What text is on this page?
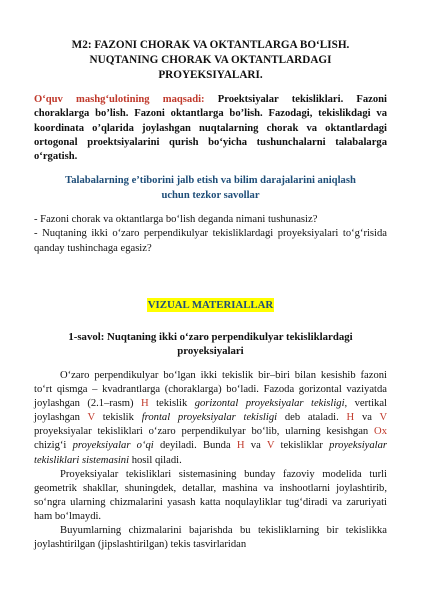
M2: FAZONI CHORAK VA OKTANTLARGA BO‘LISH.
NUQTANING CHORAK VA OKTANTLARDAGI
PROYEKSIYALARI.
O‘quv mashg‘ulotining maqsadi: Proektsiyalar tekisliklari. Fazoni choraklarga bo’lish. Fazoni oktantlarga bo’lish. Fazodagi, tekislikdagi va koordinata o’qlarida joylashgan nuqtalarning chorak va oktantlardagi ortogonal proektsiyalarini qurish bo‘yicha tushunchalarni talabalarga o‘rgatish.
Talabalarning e’tiborini jalb etish va bilim darajalarini aniqlash
uchun tezkor savollar
- Fazoni chorak va oktantlarga bo‘lish deganda nimani tushunasiz?
- Nuqtaning ikki o‘zaro perpendikulyar tekisliklardagi proyeksiyalari to‘g‘risida qanday tushinchaga egasiz?
VIZUAL MATERIALLAR
1-savol: Nuqtaning ikki o‘zaro perpendikulyar tekisliklardagi
proyeksiyalari

O‘zaro perpendikulyar bo‘lgan ikki tekislik bir–biri bilan kesishib fazoni to‘rt qismga – kvadrantlarga (choraklarga) bo‘ladi. Fazoda gorizontal vaziyatda joylashgan (2.1–rasm) H tekislik gorizontal proyeksiyalar tekisligi, vertikal joylashgan V tekislik frontal proyeksiyalar tekisligi deb ataladi. H va V proyeksiyalar tekisliklari o‘zaro perpendikulyar bo‘lib, ularning kesishgan Ox chizig‘i proyeksiyalar o‘qi deyiladi. Bunda H va V tekisliklar proyeksiyalar tekisliklari sistemasini hosil qiladi.

Proyeksiyalar tekisliklari sistemasining bunday fazoviy modelida turli geometrik shakllar, shuningdek, detallar, mashina va inshootlarni joylashtirib, so‘ngra ularning chizmalarini yasash katta noqulayliklar tug‘diradi va zaruriyati ham bo‘lmaydi.

Buyumlarning chizmalarini bajarishda bu tekisliklarning bir tekislikka joylashtirilgan (jipslashtirilgan) tekis tasvirlaridan
